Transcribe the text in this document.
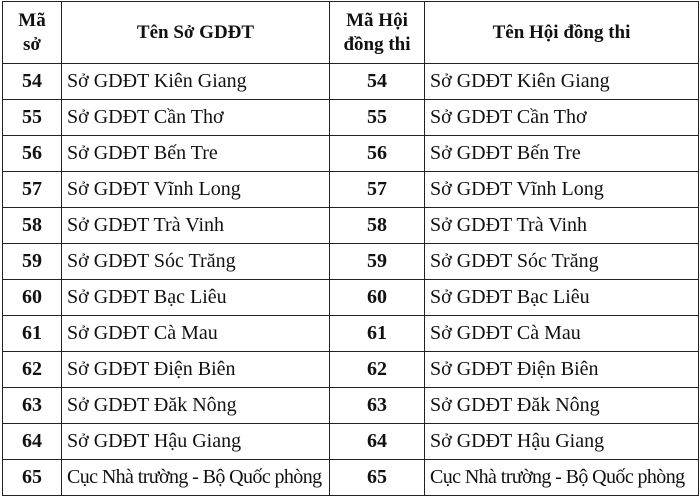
Mã sở	Tên Sở GDĐT	Mã Hội đồng thi	Tên Hội đồng thi
54	Sở GDĐT Kiên Giang	54	Sở GDĐT Kiên Giang
55	Sở GDĐT Cần Thơ	55	Sở GDĐT Cần Thơ
56	Sở GDĐT Bến Tre	56	Sở GDĐT Bến Tre
57	Sở GDĐT Vĩnh Long	57	Sở GDĐT Vĩnh Long
58	Sở GDĐT Trà Vinh	58	Sở GDĐT Trà Vinh
59	Sở GDĐT Sóc Trăng	59	Sở GDĐT Sóc Trăng
60	Sở GDĐT Bạc Liêu	60	Sở GDĐT Bạc Liêu
61	Sở GDĐT Cà Mau	61	Sở GDĐT Cà Mau
62	Sở GDĐT Điện Biên	62	Sở GDĐT Điện Biên
63	Sở GDĐT Đăk Nông	63	Sở GDĐT Đăk Nông
64	Sở GDĐT Hậu Giang	64	Sở GDĐT Hậu Giang
65	Cục Nhà trường - Bộ Quốc phòng	65	Cục Nhà trường - Bộ Quốc phòng
